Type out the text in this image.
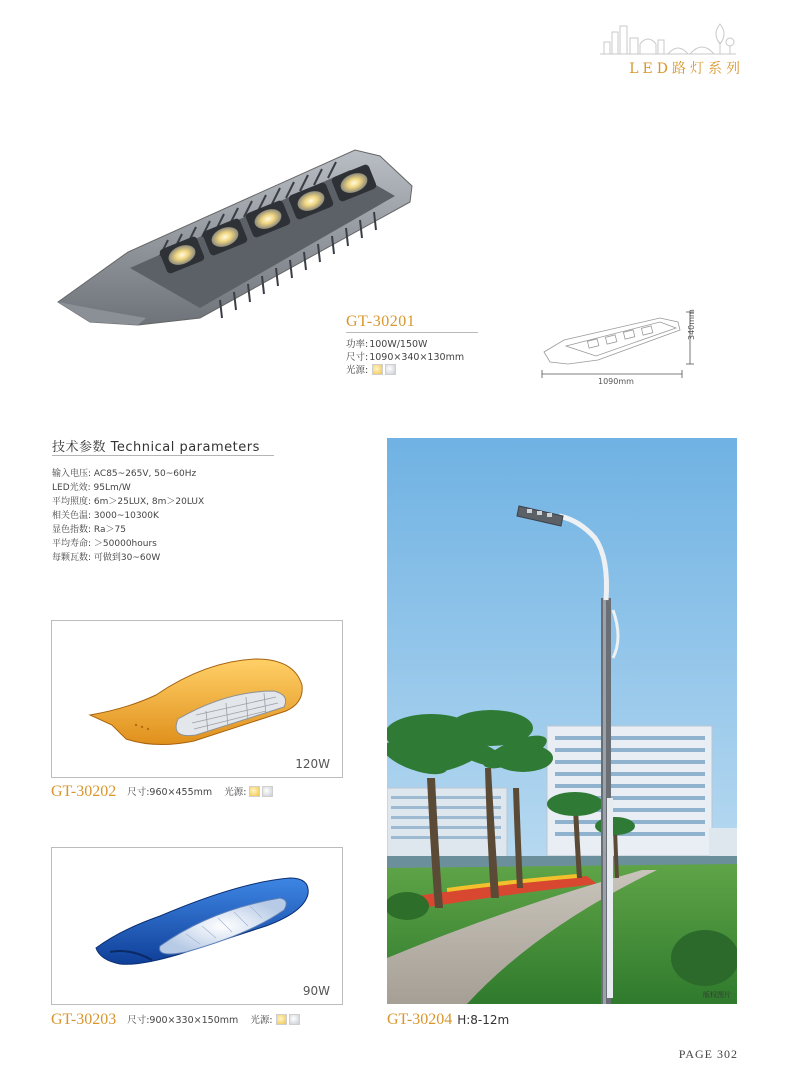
LED路灯系列
GT-30201
功率:100W/150W
尺寸:1090×340×130mm
光源:
1090mm
340mm
技术参数 Technical parameters
输入电压: AC85~265V, 50~60Hz
LED光效: 95Lm/W
平均照度: 6m＞25LUX, 8m＞20LUX
相关色温: 3000~10300K
显色指数: Ra＞75
平均寿命: ＞50000hours
每颗瓦数: 可做到30~60W
120W
GT-30202 尺寸:960×455mm 光源:
90W
GT-30203 尺寸:900×330×150mm 光源:
版权图片
GT-30204 H:8-12m
PAGE 302
